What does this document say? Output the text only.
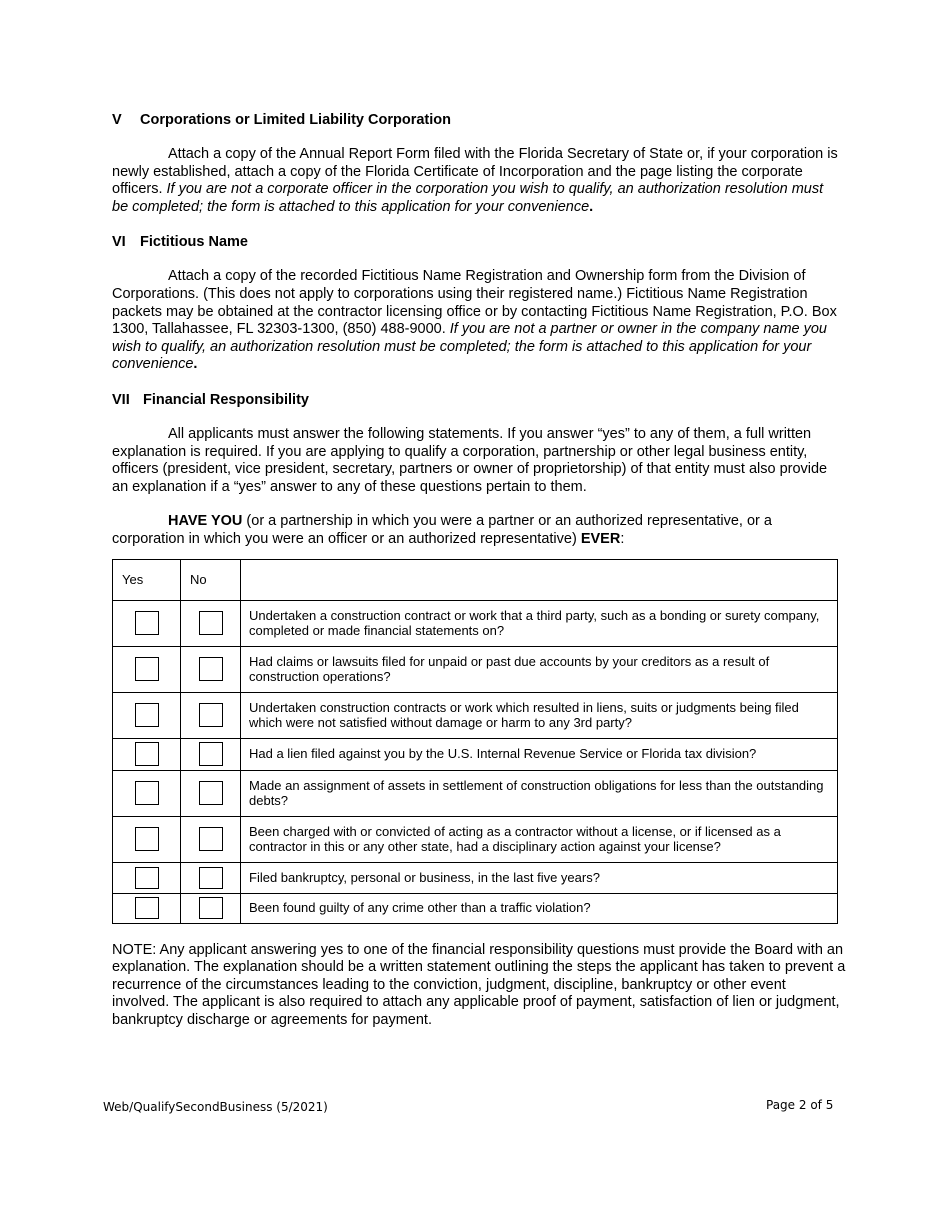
V Corporations or Limited Liability Corporation

Attach a copy of the Annual Report Form filed with the Florida Secretary of State or, if your corporation is newly established, attach a copy of the Florida Certificate of Incorporation and the page listing the corporate officers. If you are not a corporate officer in the corporation you wish to qualify, an authorization resolution must be completed; the form is attached to this application for your convenience.

VI Fictitious Name

Attach a copy of the recorded Fictitious Name Registration and Ownership form from the Division of Corporations. (This does not apply to corporations using their registered name.) Fictitious Name Registration packets may be obtained at the contractor licensing office or by contacting Fictitious Name Registration, P.O. Box 1300, Tallahassee, FL 32303-1300, (850) 488-9000. If you are not a partner or owner in the company name you wish to qualify, an authorization resolution must be completed; the form is attached to this application for your convenience.

VII Financial Responsibility

All applicants must answer the following statements. If you answer “yes” to any of them, a full written explanation is required. If you are applying to qualify a corporation, partnership or other legal business entity, officers (president, vice president, secretary, partners or owner of proprietorship) of that entity must also provide an explanation if a “yes” answer to any of these questions pertain to them.

HAVE YOU (or a partnership in which you were a partner or an authorized representative, or a corporation in which you were an officer or an authorized representative) EVER:

Yes	No	
		Undertaken a construction contract or work that a third party, such as a bonding or surety company, completed or made financial statements on?
		Had claims or lawsuits filed for unpaid or past due accounts by your creditors as a result of construction operations?
		Undertaken construction contracts or work which resulted in liens, suits or judgments being filed which were not satisfied without damage or harm to any 3rd party?
		Had a lien filed against you by the U.S. Internal Revenue Service or Florida tax division?
		Made an assignment of assets in settlement of construction obligations for less than the outstanding debts?
		Been charged with or convicted of acting as a contractor without a license, or if licensed as a contractor in this or any other state, had a disciplinary action against your license?
		Filed bankruptcy, personal or business, in the last five years?
		Been found guilty of any crime other than a traffic violation?

NOTE: Any applicant answering yes to one of the financial responsibility questions must provide the Board with an explanation. The explanation should be a written statement outlining the steps the applicant has taken to prevent a recurrence of the circumstances leading to the conviction, judgment, discipline, bankruptcy or other event involved. The applicant is also required to attach any applicable proof of payment, satisfaction of lien or judgment, bankruptcy discharge or agreements for payment.

Web/QualifySecondBusiness (5/2021)	Page 2 of 5
